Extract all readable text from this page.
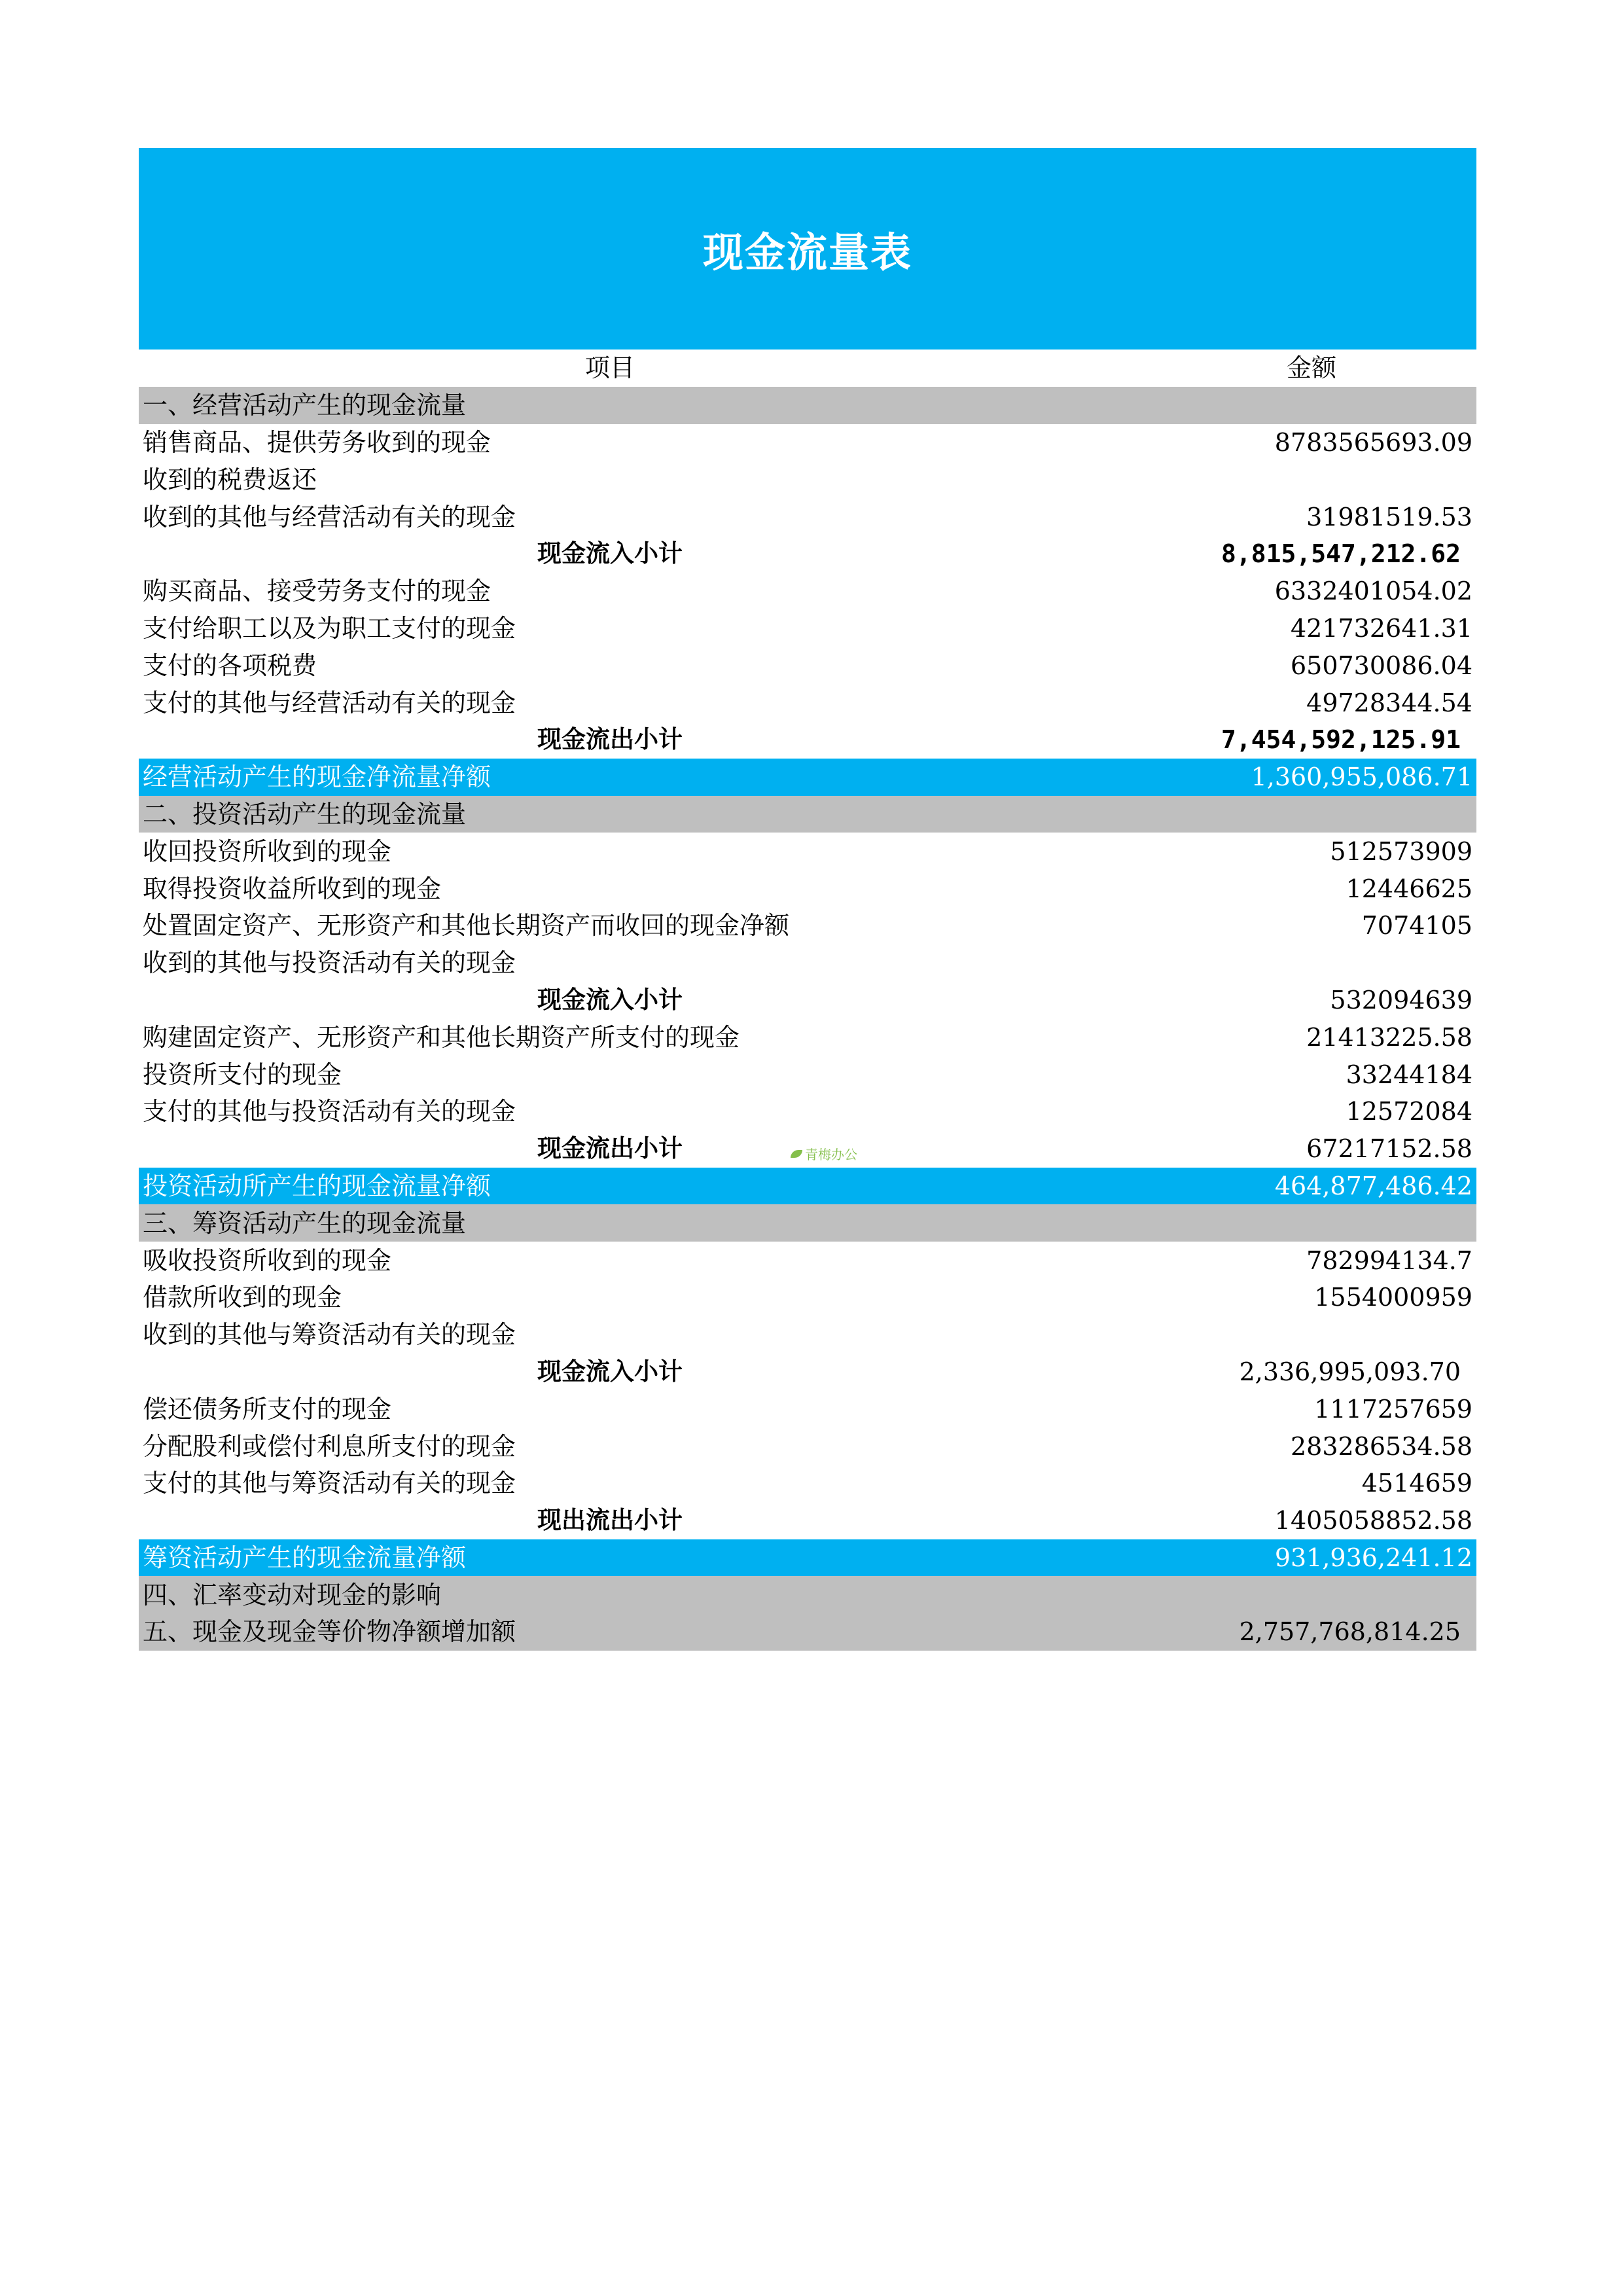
现金流量表
项目	金额
一、经营活动产生的现金流量
销售商品、提供劳务收到的现金	8783565693.09
收到的税费返还
收到的其他与经营活动有关的现金	31981519.53
现金流入小计	8,815,547,212.62
购买商品、接受劳务支付的现金	6332401054.02
支付给职工以及为职工支付的现金	421732641.31
支付的各项税费	650730086.04
支付的其他与经营活动有关的现金	49728344.54
现金流出小计	7,454,592,125.91
经营活动产生的现金净流量净额	1,360,955,086.71
二、投资活动产生的现金流量
收回投资所收到的现金	512573909
取得投资收益所收到的现金	12446625
处置固定资产、无形资产和其他长期资产而收回的现金净额	7074105
收到的其他与投资活动有关的现金
现金流入小计	532094639
购建固定资产、无形资产和其他长期资产所支付的现金	21413225.58
投资所支付的现金	33244184
支付的其他与投资活动有关的现金	12572084
现金流出小计	67217152.58
投资活动所产生的现金流量净额	464,877,486.42
三、筹资活动产生的现金流量
吸收投资所收到的现金	782994134.7
借款所收到的现金	1554000959
收到的其他与筹资活动有关的现金
现金流入小计	2,336,995,093.70
偿还债务所支付的现金	1117257659
分配股利或偿付利息所支付的现金	283286534.58
支付的其他与筹资活动有关的现金	4514659
现出流出小计	1405058852.58
筹资活动产生的现金流量净额	931,936,241.12
四、汇率变动对现金的影响
五、现金及现金等价物净额增加额	2,757,768,814.25
青梅办公
